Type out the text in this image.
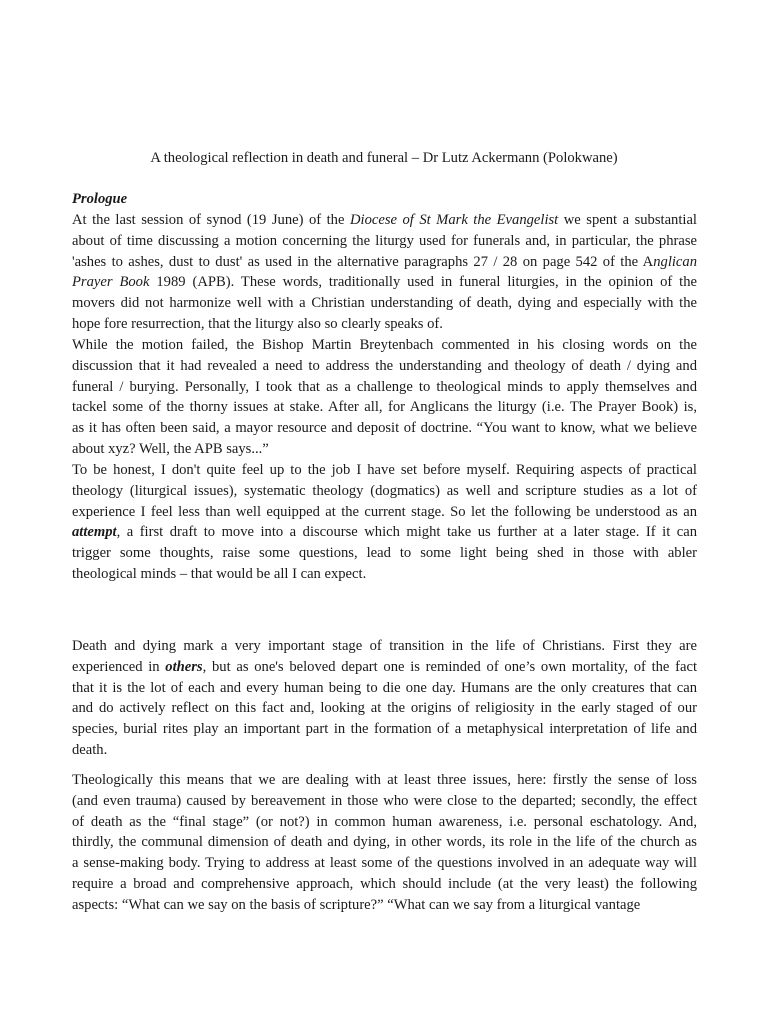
A theological reflection in death and funeral – Dr Lutz Ackermann (Polokwane)
Prologue
At the last session of synod (19 June) of the Diocese of St Mark the Evangelist we spent a substantial
about of time discussing a motion concerning the liturgy used for funerals and, in particular, the phrase
'ashes to ashes, dust to dust' as used in the alternative paragraphs 27 / 28 on page 542 of the Anglican
Prayer Book 1989 (APB). These words, traditionally used in funeral liturgies, in the opinion of the
movers did not harmonize well with a Christian understanding of death, dying and especially with the
hope fore resurrection, that the liturgy also so clearly speaks of.
While the motion failed, the Bishop Martin Breytenbach commented in his closing words on the
discussion that it had revealed a need to address the understanding and theology of death / dying and
funeral / burying. Personally, I took that as a challenge to theological minds to apply themselves and
tackel some of the thorny issues at stake. After all, for Anglicans the liturgy (i.e. The Prayer Book) is,
as it has often been said, a mayor resource and deposit of doctrine. “You want to know, what we believe
about xyz? Well, the APB says...”
To be honest, I don't quite feel up to the job I have set before myself. Requiring aspects of practical
theology (liturgical issues), systematic theology (dogmatics) as well and scripture studies as a lot of
experience I feel less than well equipped at the current stage. So let the following be understood as an
attempt, a first draft to move into a discourse which might take us further at a later stage. If it can
trigger some thoughts, raise some questions, lead to some light being shed in those with abler
theological minds – that would be all I can expect.
Death and dying mark a very important stage of transition in the life of Christians. First they are
experienced in others, but as one's beloved depart one is reminded of one’s own mortality, of the fact
that it is the lot of each and every human being to die one day. Humans are the only creatures that can
and do actively reflect on this fact and, looking at the origins of religiosity in the early staged of our
species, burial rites play an important part in the formation of a metaphysical interpretation of life and
death.
Theologically this means that we are dealing with at least three issues, here: firstly the sense of loss
(and even trauma) caused by bereavement in those who were close to the departed; secondly, the effect
of death as the “final stage” (or not?) in common human awareness, i.e. personal eschatology. And,
thirdly, the communal dimension of death and dying, in other words, its role in the life of the church as
a sense-making body. Trying to address at least some of the questions involved in an adequate way will
require a broad and comprehensive approach, which should include (at the very least) the following
aspects: “What can we say on the basis of scripture?” “What can we say from a liturgical vantage
